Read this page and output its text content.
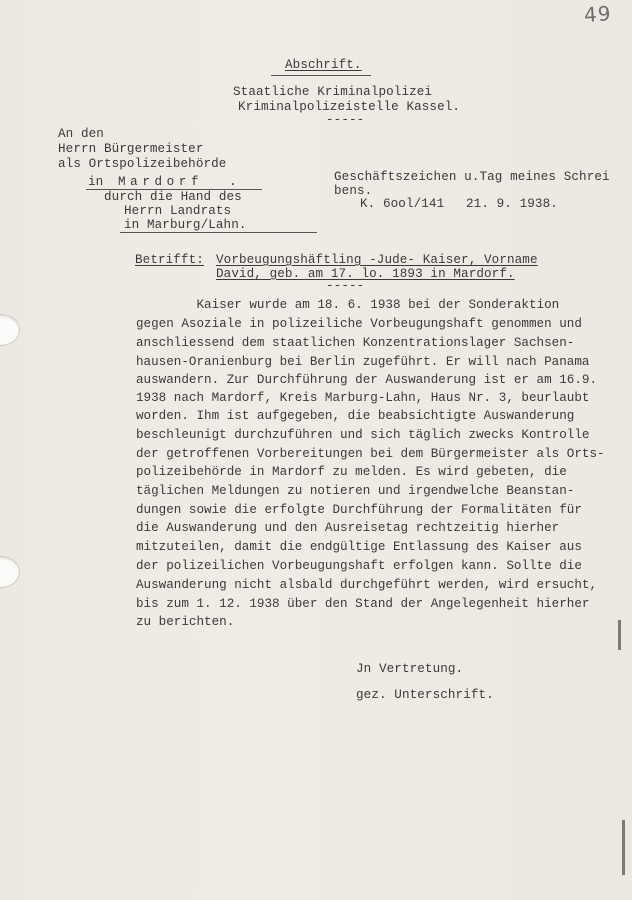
49
Abschrift.
Staatliche Kriminalpolizei
Kriminalpolizeistelle Kassel.
-----
An den
Herrn Bürgermeister
als Ortspolizeibehörde
in Mardorf .
durch die Hand des
Herrn Landrats
in Marburg/Lahn.
Geschäftszeichen u.Tag meines Schrei
bens.
K. 6ool/141 21. 9. 1938.
Betrifft: Vorbeugungshäftling -Jude- Kaiser, Vorname
David, geb. am 17. lo. 1893 in Mardorf.
-----
Kaiser wurde am 18. 6. 1938 bei der Sonderaktion
gegen Asoziale in polizeiliche Vorbeugungshaft genommen und
anschliessend dem staatlichen Konzentrationslager Sachsen-
hausen-Oranienburg bei Berlin zugeführt. Er will nach Panama
auswandern. Zur Durchführung der Auswanderung ist er am 16.9.
1938 nach Mardorf, Kreis Marburg-Lahn, Haus Nr. 3, beurlaubt
worden. Ihm ist aufgegeben, die beabsichtigte Auswanderung
beschleunigt durchzuführen und sich täglich zwecks Kontrolle
der getroffenen Vorbereitungen bei dem Bürgermeister als Orts-
polizeibehörde in Mardorf zu melden. Es wird gebeten, die
täglichen Meldungen zu notieren und irgendwelche Beanstan-
dungen sowie die erfolgte Durchführung der Formalitäten für
die Auswanderung und den Ausreisetag rechtzeitig hierher
mitzuteilen, damit die endgültige Entlassung des Kaiser aus
der polizeilichen Vorbeugungshaft erfolgen kann. Sollte die
Auswanderung nicht alsbald durchgeführt werden, wird ersucht,
bis zum 1. 12. 1938 über den Stand der Angelegenheit hierher
zu berichten.
Jn Vertretung.
gez. Unterschrift.
